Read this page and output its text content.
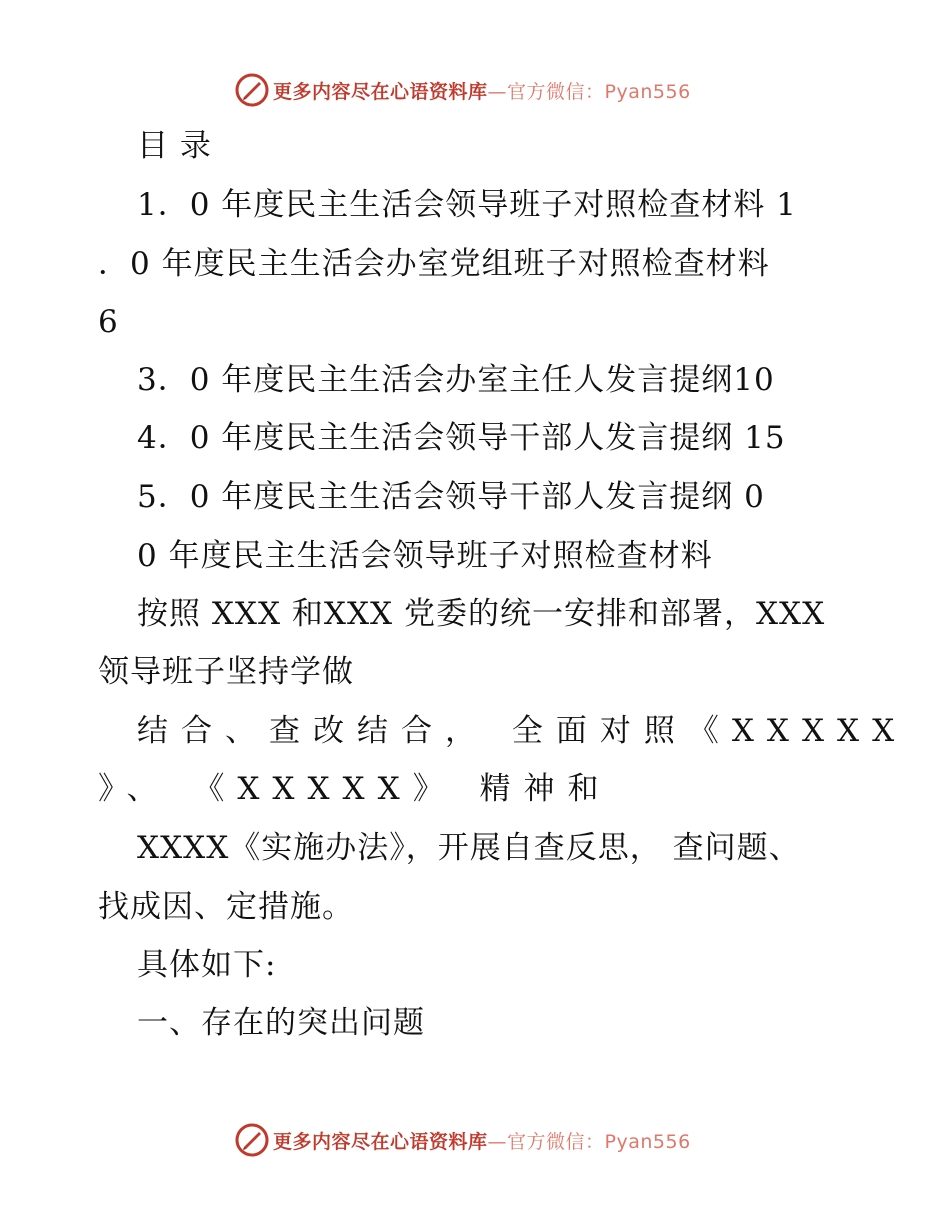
更多内容尽在心语资料库—官方微信：Pyan556
目 录
1．0 年度民主生活会领导班子对照检查材料 1
．0 年度民主生活会办室党组班子对照检查材料
6
3．0 年度民主生活会办室主任人发言提纲10
4．0 年度民主生活会领导干部人发言提纲 15
5．0 年度民主生活会领导干部人发言提纲 0
0 年度民主生活会领导班子对照检查材料
按照 XXX 和XXX 党委的统一安排和部署，XXX
领导班子坚持学做
结合、查改结合， 全面对照《XXXXX
》、 《XXXXX》 精神和
XXXX《实施办法》，开展自查反思， 查问题、
找成因、定措施。
具体如下:
一、存在的突出问题
更多内容尽在心语资料库—官方微信：Pyan556
